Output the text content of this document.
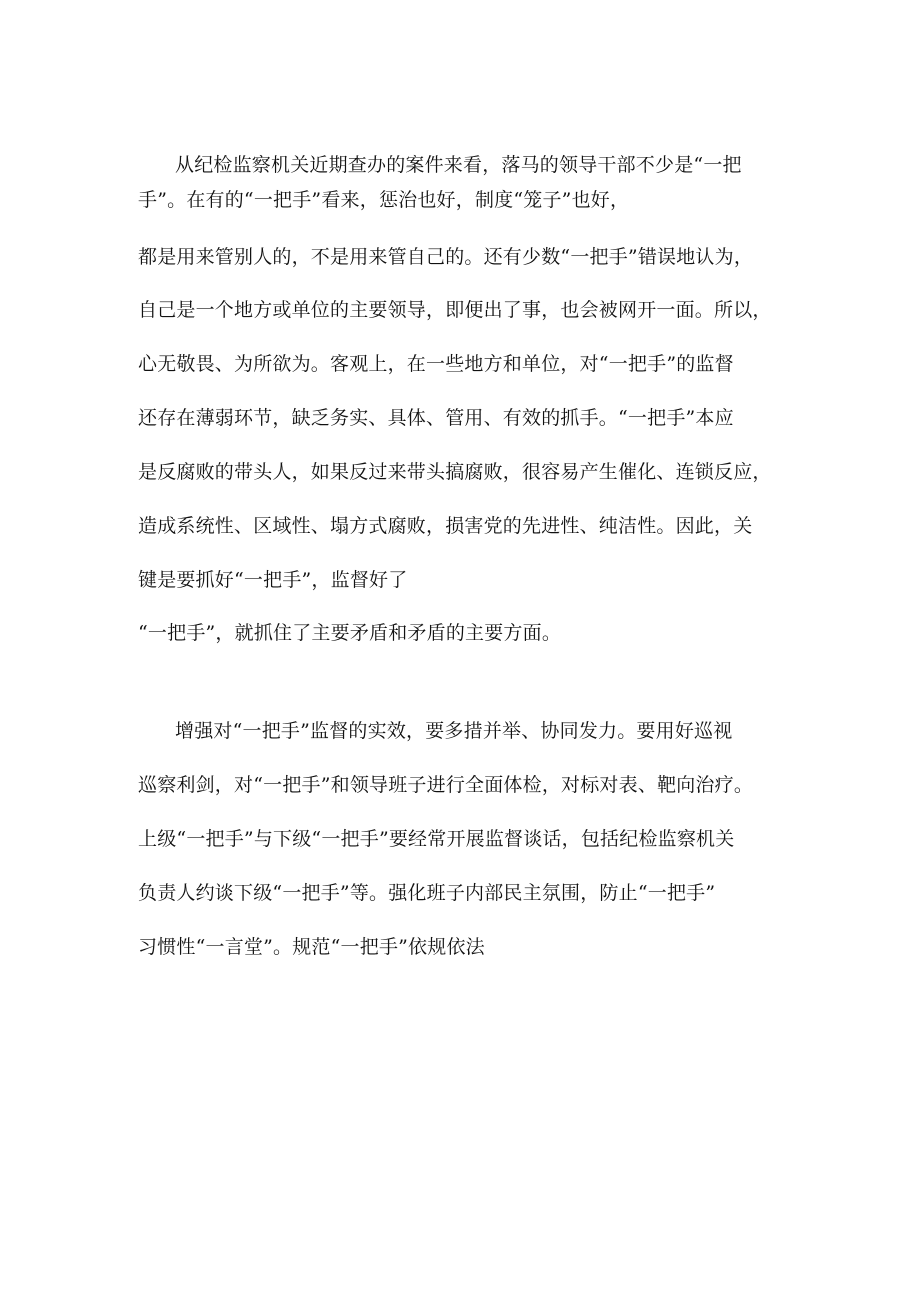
从纪检监察机关近期查办的案件来看，落马的领导干部不少是“一把
手”。在有的“一把手”看来，惩治也好，制度“笼子”也好，
都是用来管别人的，不是用来管自己的。还有少数“一把手”错误地认为，
自己是一个地方或单位的主要领导，即便出了事，也会被网开一面。所以，
心无敬畏、为所欲为。客观上，在一些地方和单位，对“一把手”的监督
还存在薄弱环节，缺乏务实、具体、管用、有效的抓手。“一把手”本应
是反腐败的带头人，如果反过来带头搞腐败，很容易产生催化、连锁反应，
造成系统性、区域性、塌方式腐败，损害党的先进性、纯洁性。因此，关
键是要抓好“一把手”，监督好了
“一把手”，就抓住了主要矛盾和矛盾的主要方面。
增强对“一把手”监督的实效，要多措并举、协同发力。要用好巡视
巡察利剑，对“一把手”和领导班子进行全面体检，对标对表、靶向治疗。
上级“一把手”与下级“一把手”要经常开展监督谈话，包括纪检监察机关
负责人约谈下级“一把手”等。强化班子内部民主氛围，防止“一把手”
习惯性“一言堂”。规范“一把手”依规依法
